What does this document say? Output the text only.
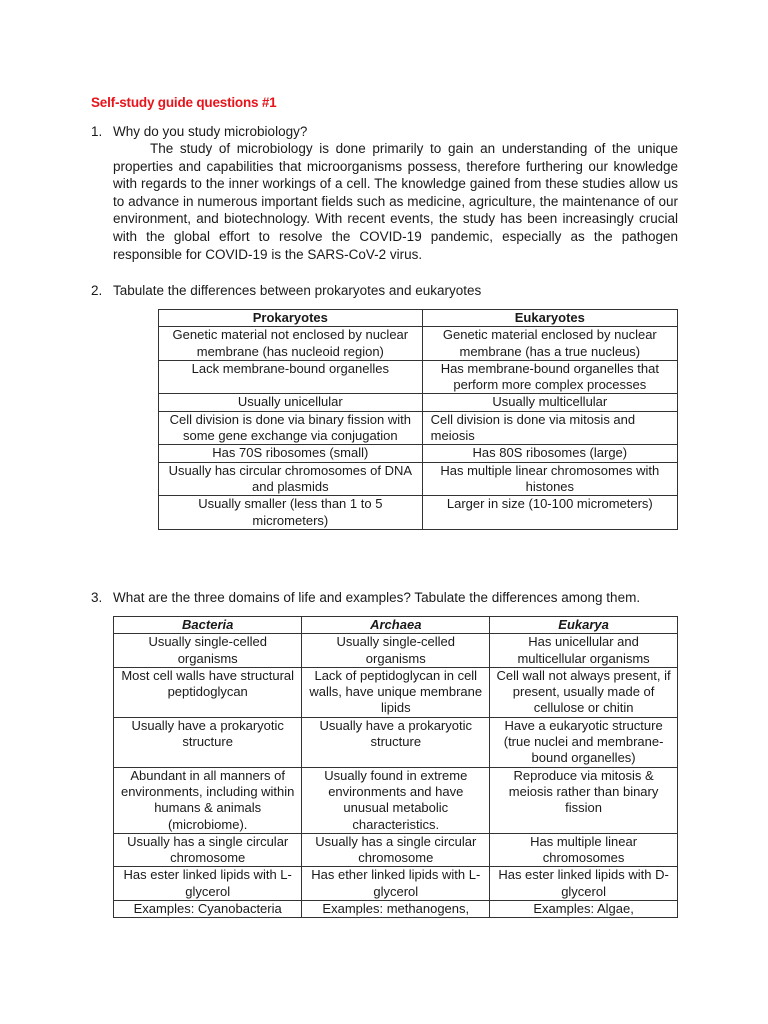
Self-study guide questions #1
1. Why do you study microbiology?
The study of microbiology is done primarily to gain an understanding of the unique properties and capabilities that microorganisms possess, therefore furthering our knowledge with regards to the inner workings of a cell. The knowledge gained from these studies allow us to advance in numerous important fields such as medicine, agriculture, the maintenance of our environment, and biotechnology. With recent events, the study has been increasingly crucial with the global effort to resolve the COVID-19 pandemic, especially as the pathogen responsible for COVID-19 is the SARS-CoV-2 virus.
2. Tabulate the differences between prokaryotes and eukaryotes
Prokaryotes	Eukaryotes
Genetic material not enclosed by nuclear membrane (has nucleoid region)	Genetic material enclosed by nuclear membrane (has a true nucleus)
Lack membrane-bound organelles	Has membrane-bound organelles that perform more complex processes
Usually unicellular	Usually multicellular
Cell division is done via binary fission with some gene exchange via conjugation	Cell division is done via mitosis and meiosis
Has 70S ribosomes (small)	Has 80S ribosomes (large)
Usually has circular chromosomes of DNA and plasmids	Has multiple linear chromosomes with histones
Usually smaller (less than 1 to 5 micrometers)	Larger in size (10-100 micrometers)
3. What are the three domains of life and examples? Tabulate the differences among them.
Bacteria	Archaea	Eukarya
Usually single-celled organisms	Usually single-celled organisms	Has unicellular and multicellular organisms
Most cell walls have structural peptidoglycan	Lack of peptidoglycan in cell walls, have unique membrane lipids	Cell wall not always present, if present, usually made of cellulose or chitin
Usually have a prokaryotic structure	Usually have a prokaryotic structure	Have a eukaryotic structure (true nuclei and membrane-bound organelles)
Abundant in all manners of environments, including within humans & animals (microbiome).	Usually found in extreme environments and have unusual metabolic characteristics.	Reproduce via mitosis & meiosis rather than binary fission
Usually has a single circular chromosome	Usually has a single circular chromosome	Has multiple linear chromosomes
Has ester linked lipids with L-glycerol	Has ether linked lipids with L-glycerol	Has ester linked lipids with D-glycerol
Examples: Cyanobacteria	Examples: methanogens,	Examples: Algae,
